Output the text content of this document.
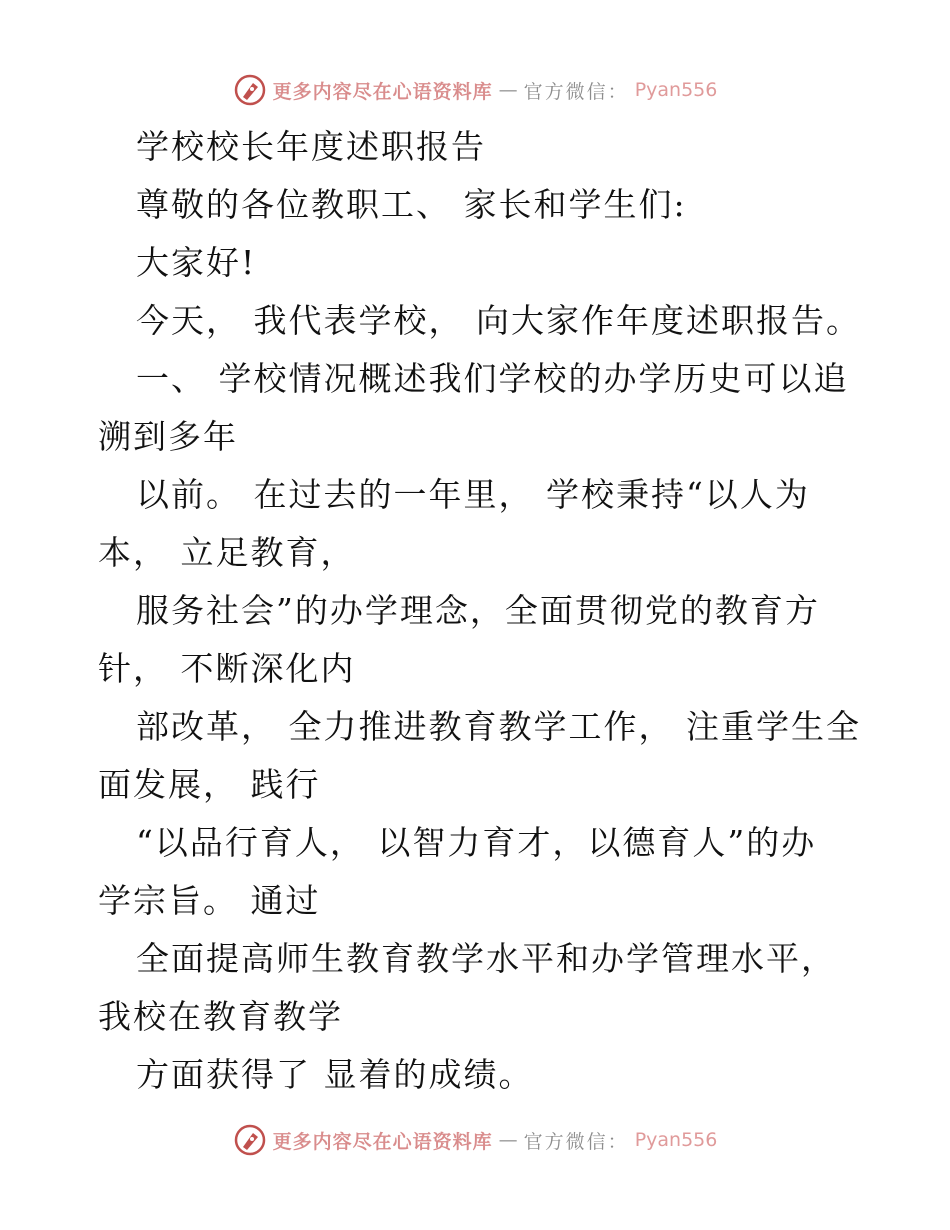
更多内容尽在心语资料库 — 官方微信： Pyan556

学校校长年度述职报告

尊敬的各位教职工、 家长和学生们:

大家好!

今天， 我代表学校， 向大家作年度述职报告。

一、 学校情况概述我们学校的办学历史可以追

溯到多年

以前。 在过去的一年里， 学校秉持“以人为

本， 立足教育，

服务社会”的办学理念，全面贯彻党的教育方

针， 不断深化内

部改革， 全力推进教育教学工作， 注重学生全

面发展， 践行

“以品行育人， 以智力育才，以德育人”的办

学宗旨。 通过

全面提高师生教育教学水平和办学管理水平，

我校在教育教学

方面获得了 显着的成绩。

更多内容尽在心语资料库 — 官方微信： Pyan556
